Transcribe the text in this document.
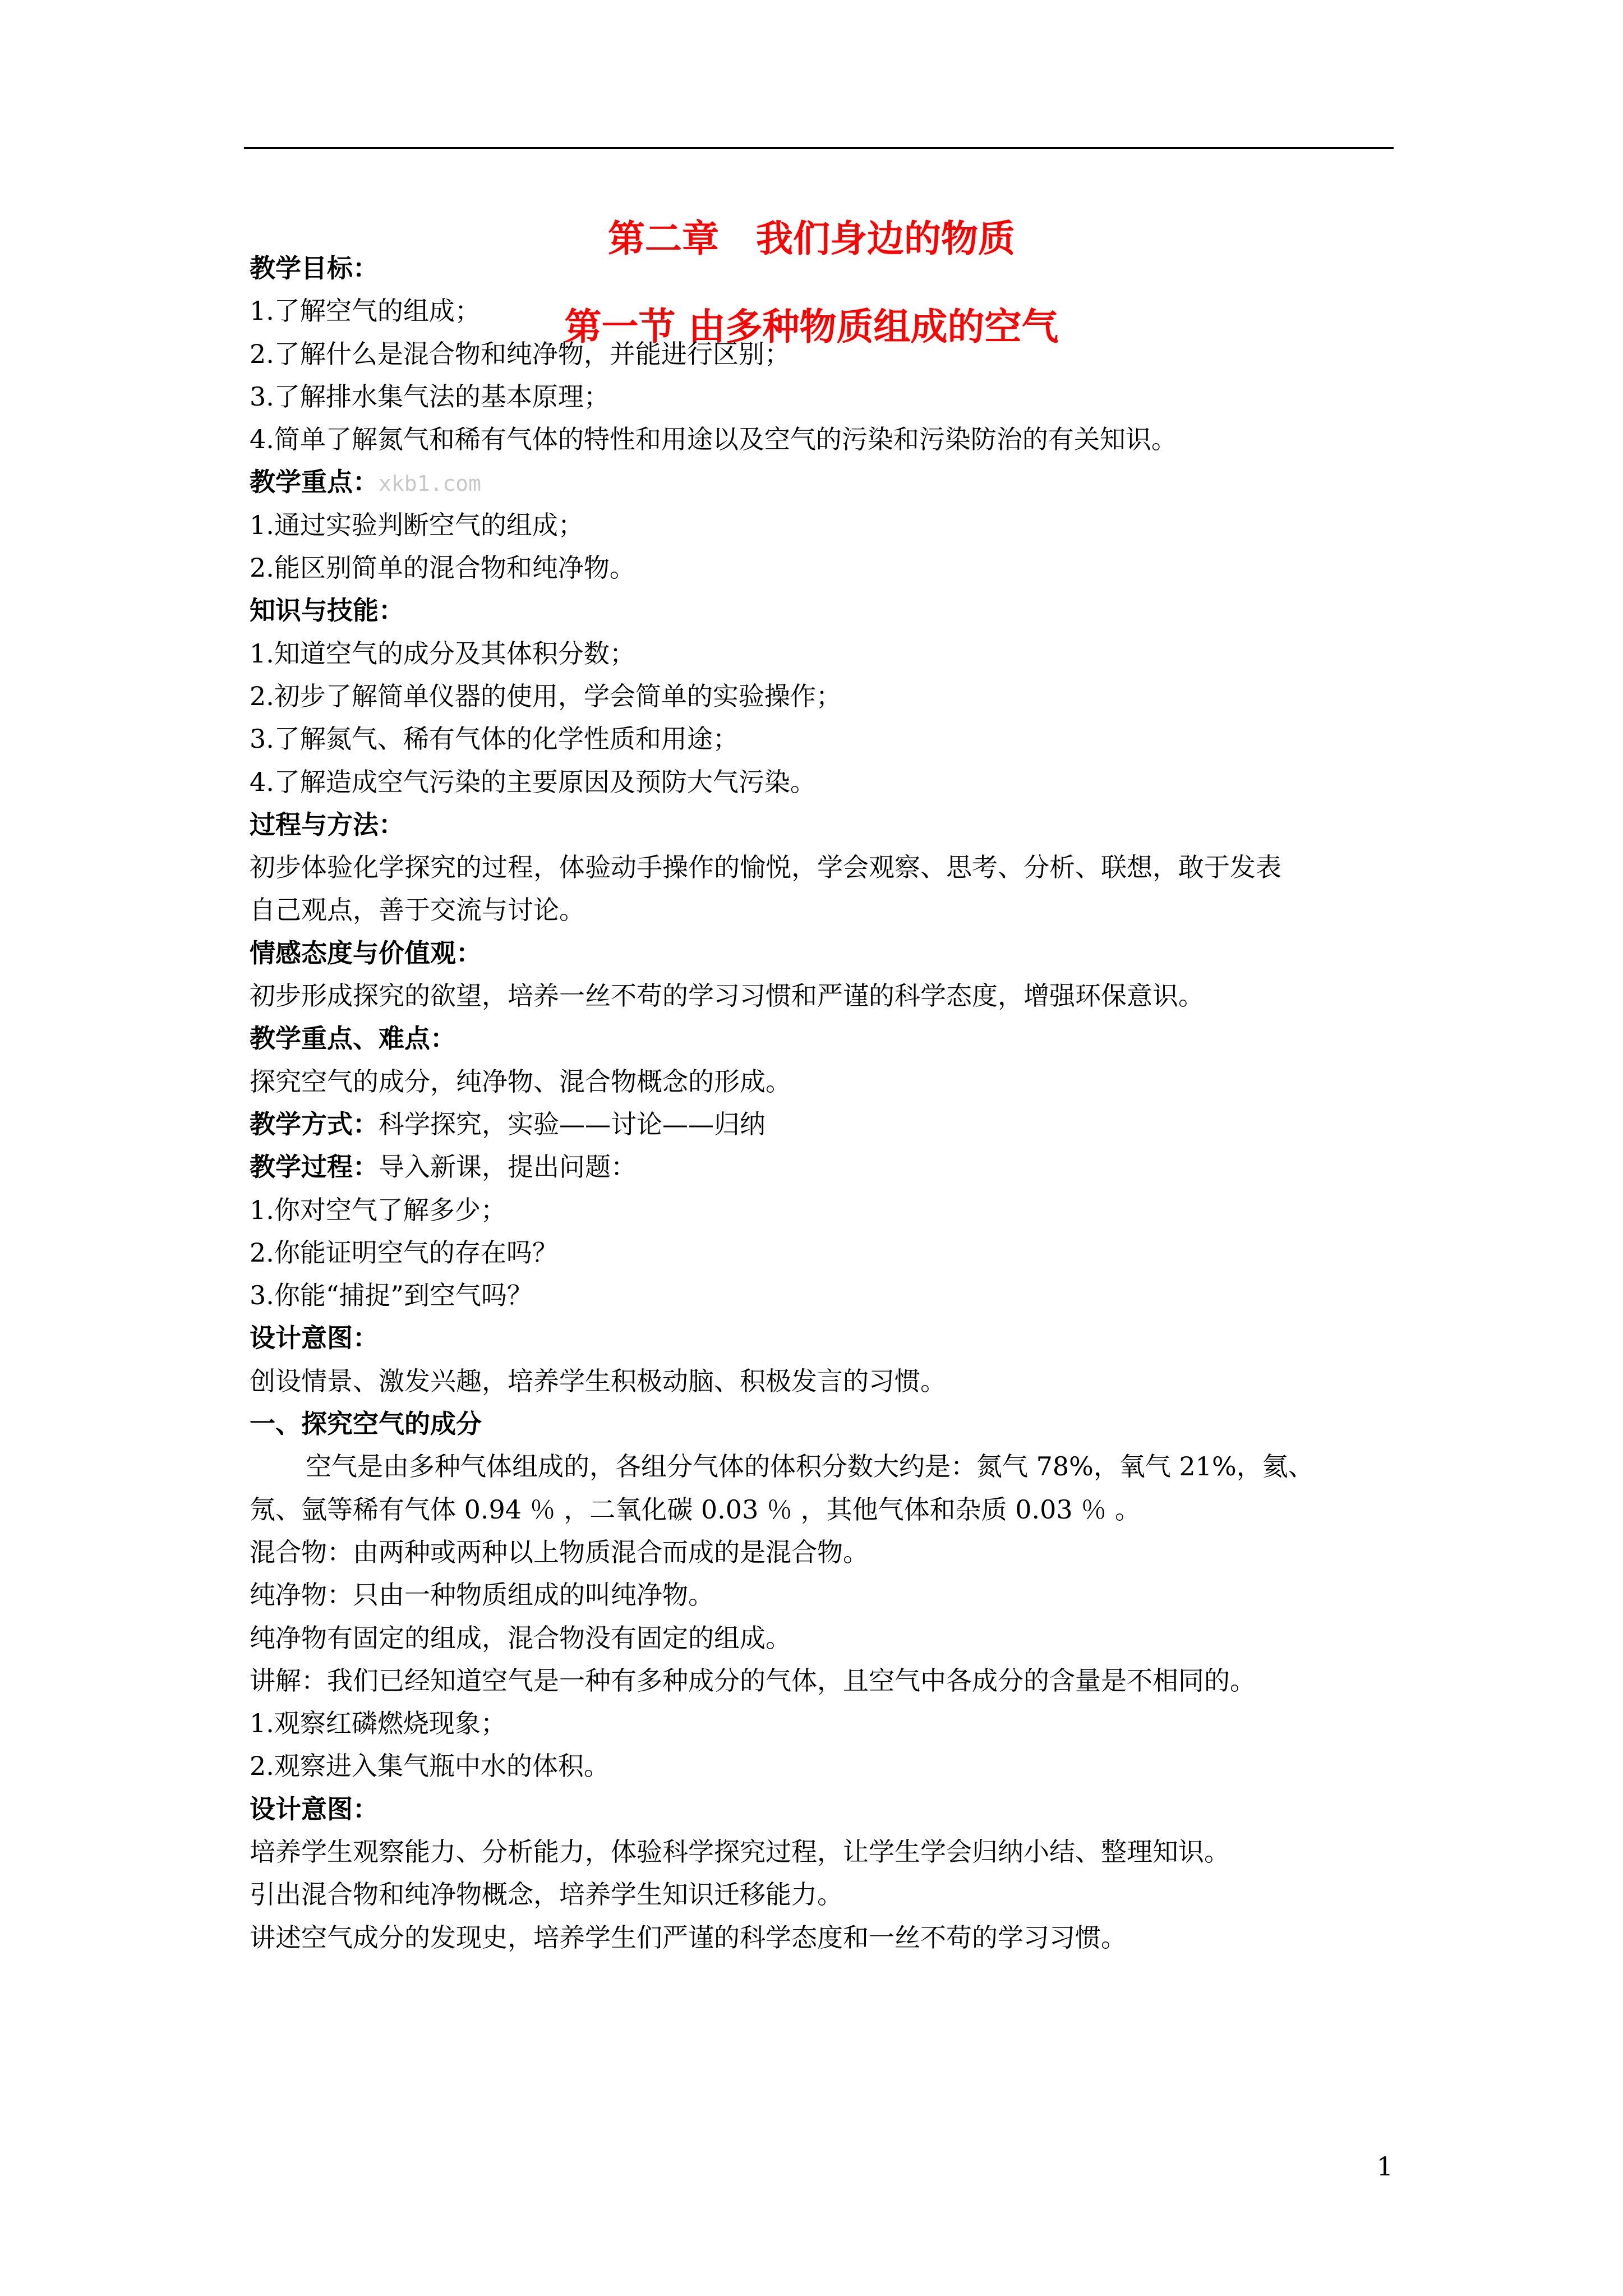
第二章　我们身边的物质
第一节 由多种物质组成的空气
教学目标：
1.了解空气的组成；
2.了解什么是混合物和纯净物，并能进行区别；
3.了解排水集气法的基本原理；
4.简单了解氮气和稀有气体的特性和用途以及空气的污染和污染防治的有关知识。
教学重点：xkb1.com
1.通过实验判断空气的组成；
2.能区别简单的混合物和纯净物。
知识与技能：
1.知道空气的成分及其体积分数；
2.初步了解简单仪器的使用，学会简单的实验操作；
3.了解氮气、稀有气体的化学性质和用途；
4.了解造成空气污染的主要原因及预防大气污染。
过程与方法：
初步体验化学探究的过程，体验动手操作的愉悦，学会观察、思考、分析、联想，敢于发表
自己观点，善于交流与讨论。
情感态度与价值观：
初步形成探究的欲望，培养一丝不苟的学习习惯和严谨的科学态度，增强环保意识。
教学重点、难点：
探究空气的成分，纯净物、混合物概念的形成。
教学方式：科学探究，实验——讨论——归纳
教学过程：导入新课，提出问题：
1.你对空气了解多少；
2.你能证明空气的存在吗？
3.你能“捕捉”到空气吗？
设计意图：
创设情景、激发兴趣，培养学生积极动脑、积极发言的习惯。
一、探究空气的成分
空气是由多种气体组成的，各组分气体的体积分数大约是：氮气 78%，氧气 21%，氦、
氖、氩等稀有气体 0.94 ％ ，二氧化碳 0.03 ％ ，其他气体和杂质 0.03 ％ 。
混合物：由两种或两种以上物质混合而成的是混合物。
纯净物：只由一种物质组成的叫纯净物。
纯净物有固定的组成，混合物没有固定的组成。
讲解：我们已经知道空气是一种有多种成分的气体，且空气中各成分的含量是不相同的。
1.观察红磷燃烧现象；
2.观察进入集气瓶中水的体积。
设计意图：
培养学生观察能力、分析能力，体验科学探究过程，让学生学会归纳小结、整理知识。
引出混合物和纯净物概念，培养学生知识迁移能力。
讲述空气成分的发现史，培养学生们严谨的科学态度和一丝不苟的学习习惯。
1
